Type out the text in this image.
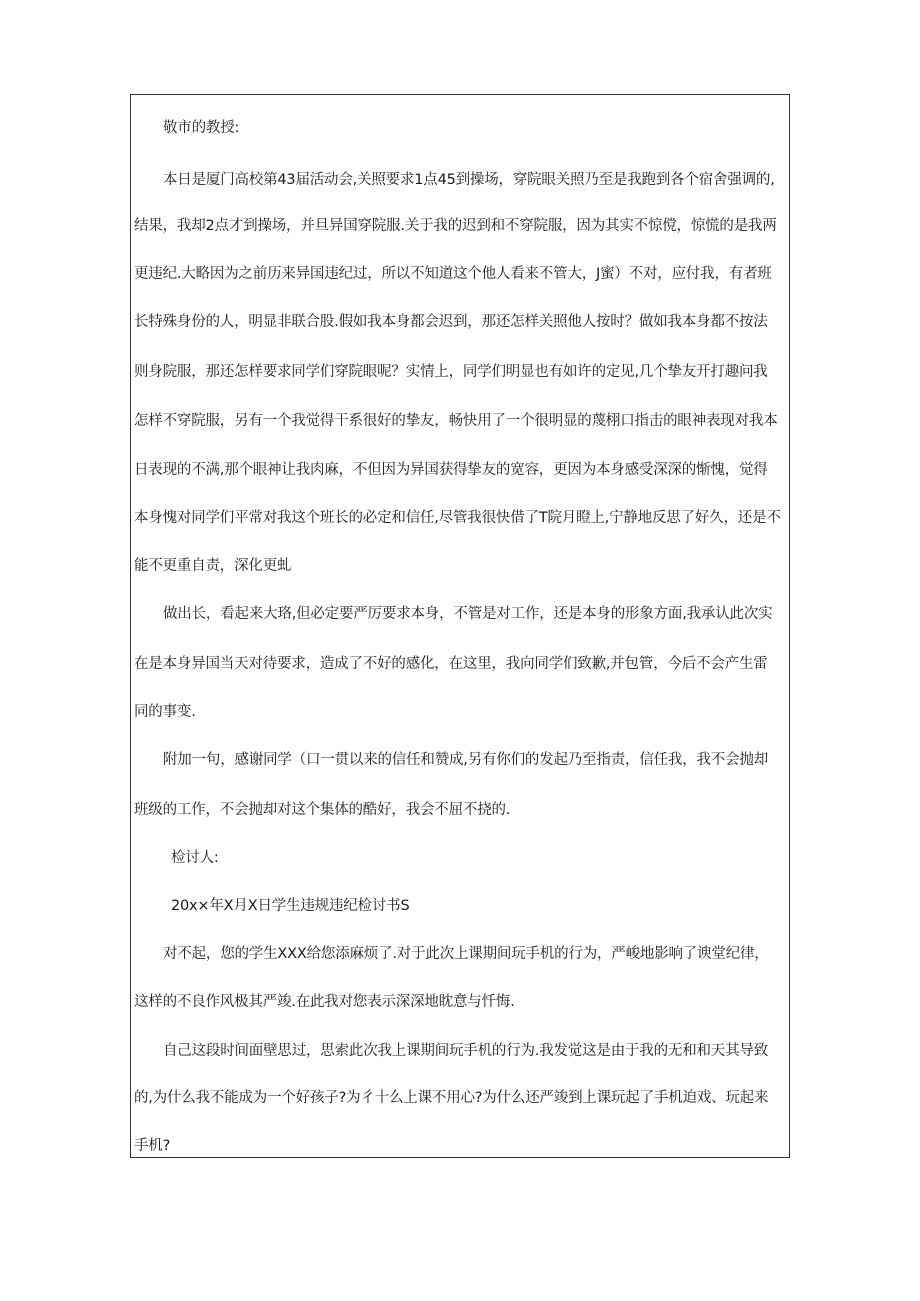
敬市的教授:
本日是厦门高校第43届活动会,关照要求1点45到操场，穿院眼关照乃至是我跑到各个宿舍强调的,
结果，我却2点才到操场，并旦异国穿院服.关于我的迟到和不穿院服，因为其实不惊傥，惊慌的是我两
更违纪.大略因为之前历来异国违纪过，所以不知道这个他人看来不管大，J蜜）不对，应付我，有者班
长特殊身份的人，明显非联合股.假如我本身都会迟到，那还怎样关照他人按时？做如我本身都不按法
则身院服，那还怎样要求同学们穿院眼呢？实情上，同学们明显也有如许的定见,几个挚友开打趣问我
怎样不穿院服，另有一个我觉得干系很好的挚友，畅快用了一个很明显的蔑栩口指击的眼神表现对我本
日表现的不满,那个眼神让我肉麻，不但因为异国获得挚友的宽容，更因为本身感受深深的惭愧，觉得
本身愧对同学们平常对我这个班长的必定和信任,尽管我很快借了T院月瞪上,宁静地反思了好久，还是不
能不更重自责，深化更虬
做出长，看起来大珞,但必定要严厉要求本身，不管是对工作，还是本身的形象方面,我承认此次实
在是本身异国当天对待要求，造成了不好的感化，在这里，我向同学们致歉,并包管，今后不会产生雷
同的事变.
附加一句，感谢同学（口一贯以来的信任和赞成,另有你们的发起乃至指责，信任我，我不会抛却
班级的工作，不会抛却对这个集体的酷好，我会不屈不挠的.
检讨人:
20x×年X月X日学生违规违纪检讨书S
对不起，您的学生XXX给您添麻烦了.对于此次上课期间玩手机的行为，严峻地影响了谀堂纪律，
这样的不良作风极其严竣.在此我对您表示深深地眈意与忏悔.
自己这段时间面壁思过，思索此次我上课期间玩手机的行为.我发觉这是由于我的无和和天其导致
的,为什么我不能成为一个好孩子?为彳十么上课不用心?为什么还严竣到上课玩起了手机迫戏、玩起来
手机?
